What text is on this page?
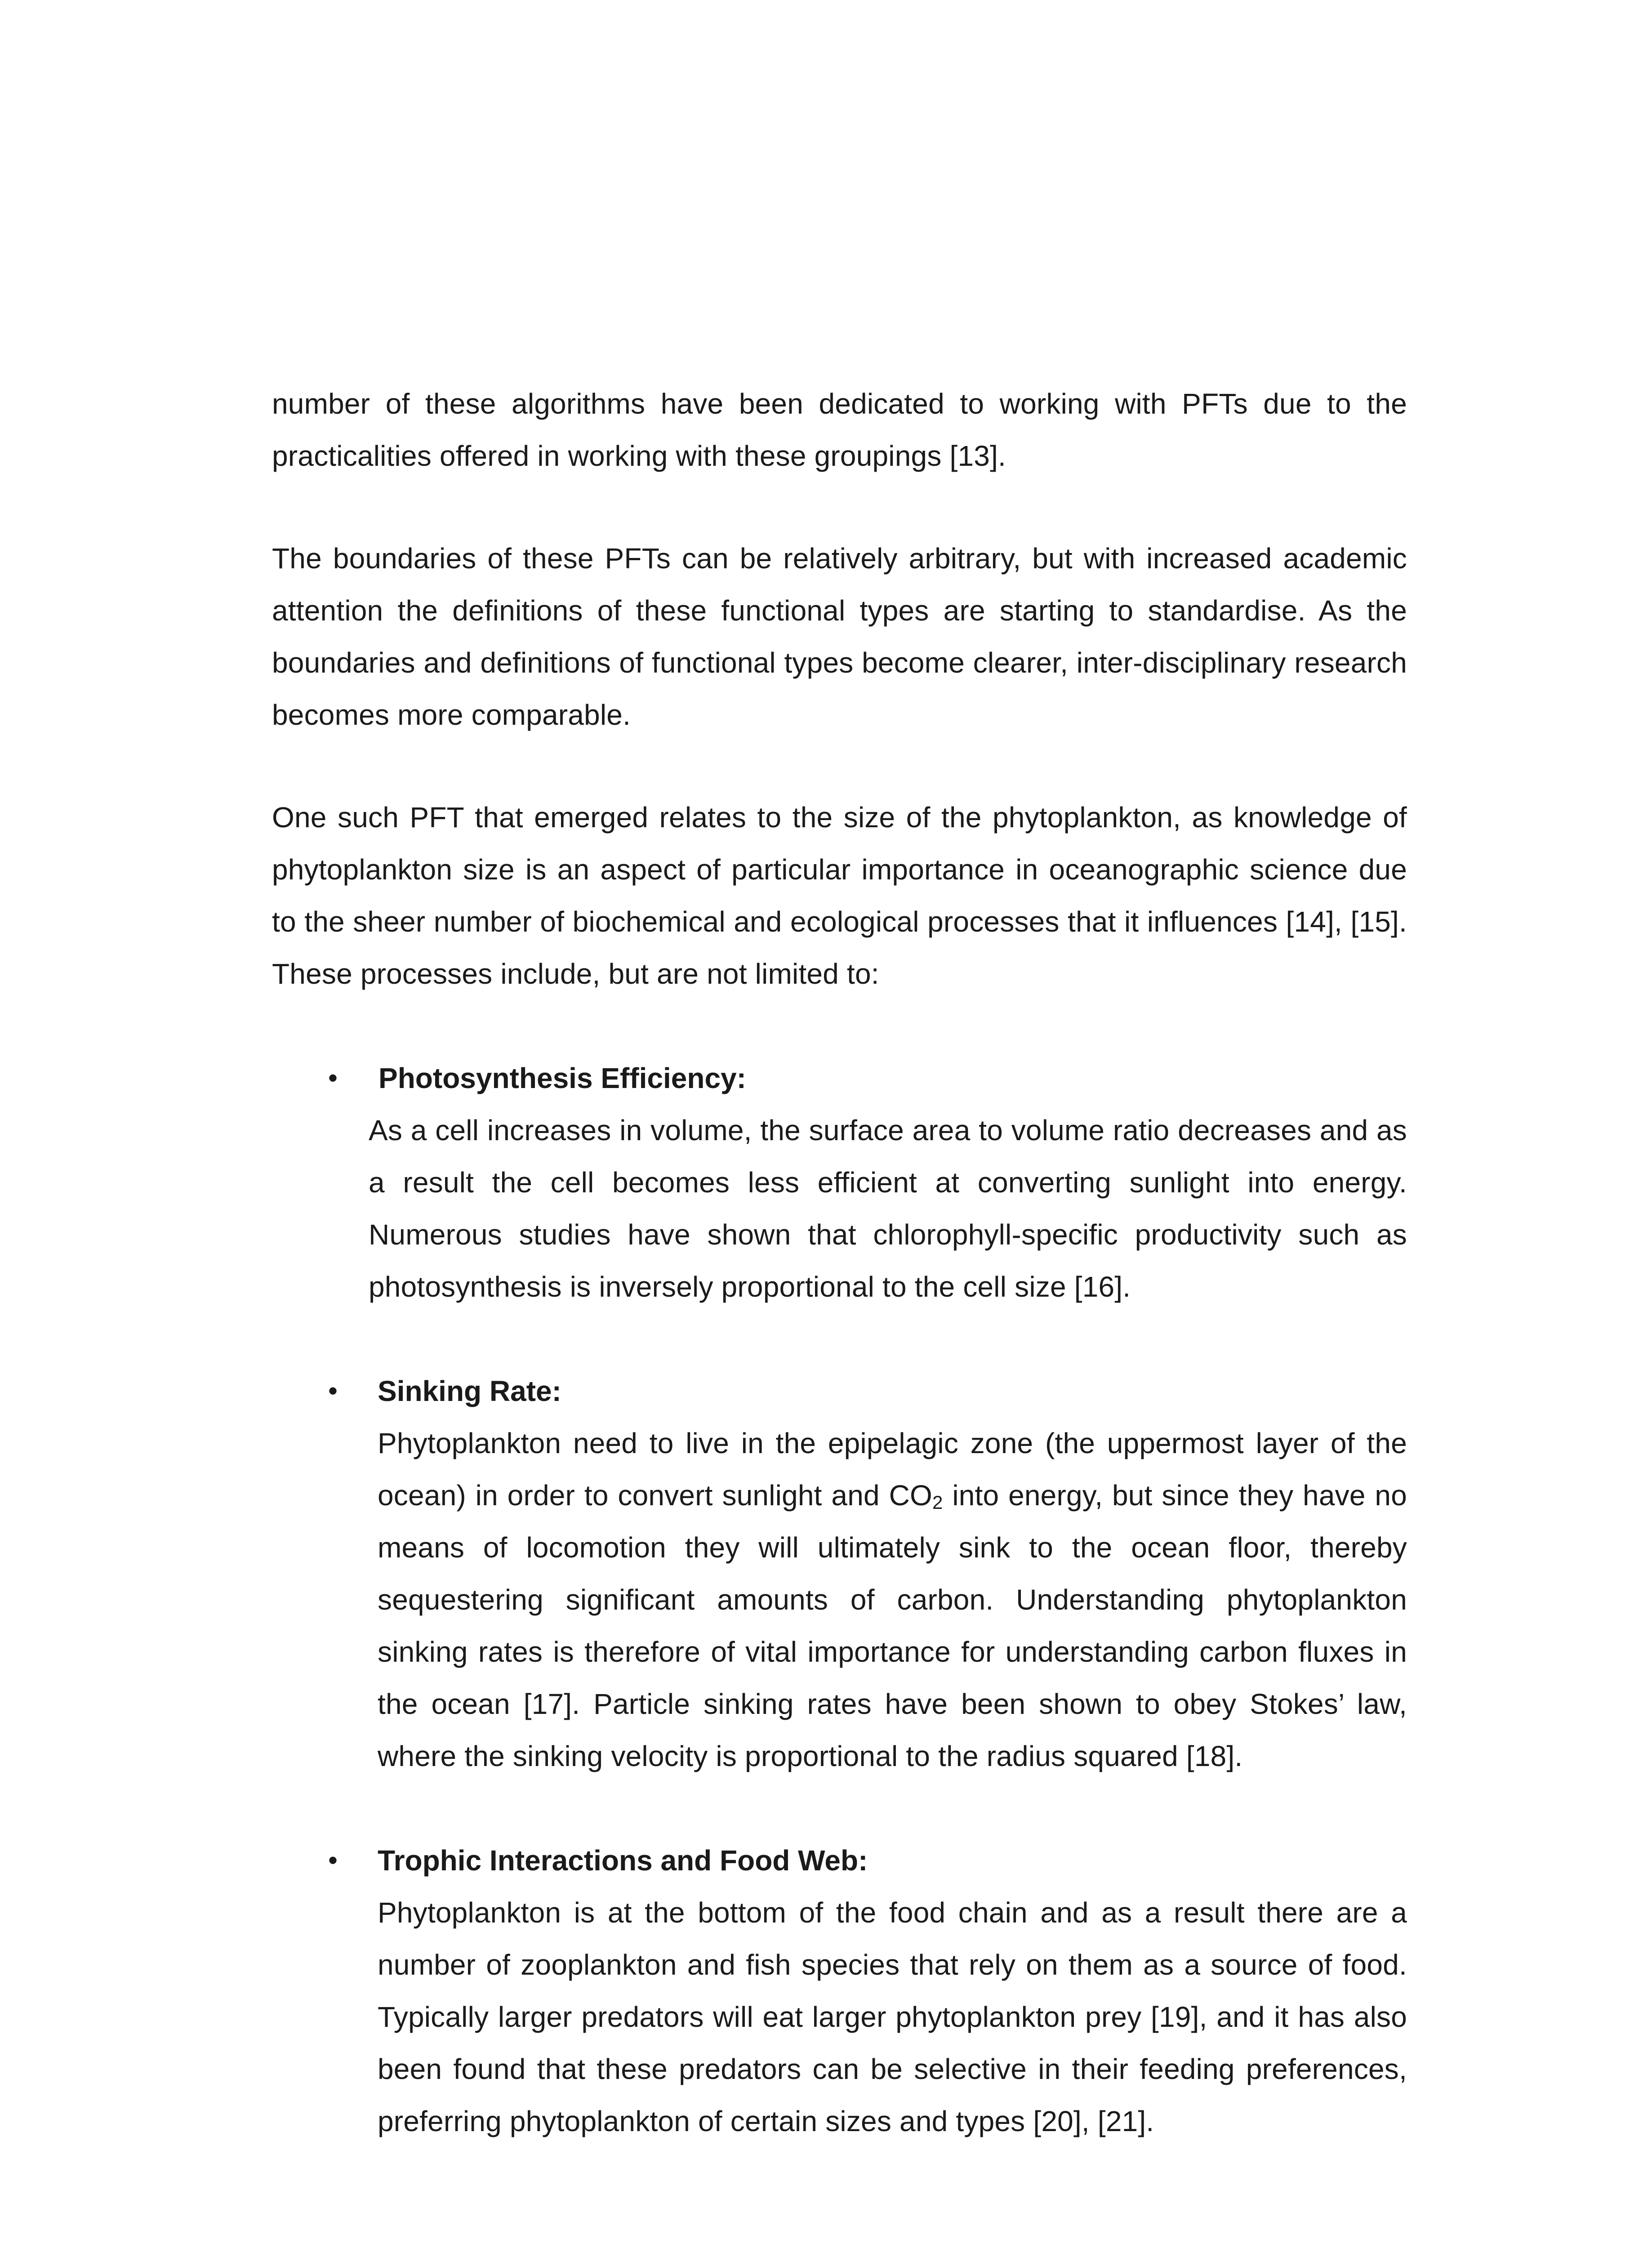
number of these algorithms have been dedicated to working with PFTs due to the practicalities offered in working with these groupings [13].

The boundaries of these PFTs can be relatively arbitrary, but with increased academic attention the definitions of these functional types are starting to standardise. As the boundaries and definitions of functional types become clearer, inter-disciplinary research becomes more comparable.

One such PFT that emerged relates to the size of the phytoplankton, as knowledge of phytoplankton size is an aspect of particular importance in oceanographic science due to the sheer number of biochemical and ecological processes that it influences [14], [15]. These processes include, but are not limited to:

•	Photosynthesis Efficiency:

As a cell increases in volume, the surface area to volume ratio decreases and as a result the cell becomes less efficient at converting sunlight into energy. Numerous studies have shown that chlorophyll-specific productivity such as photosynthesis is inversely proportional to the cell size [16].

• Sinking Rate:

Phytoplankton need to live in the epipelagic zone (the uppermost layer of the ocean) in order to convert sunlight and CO2 into energy, but since they have no means of locomotion they will ultimately sink to the ocean floor, thereby sequestering significant amounts of carbon. Understanding phytoplankton sinking rates is therefore of vital importance for understanding carbon fluxes in the ocean [17]. Particle sinking rates have been shown to obey Stokes’ law, where the sinking velocity is proportional to the radius squared [18].

• Trophic Interactions and Food Web:

Phytoplankton is at the bottom of the food chain and as a result there are a number of zooplankton and fish species that rely on them as a source of food. Typically larger predators will eat larger phytoplankton prey [19], and it has also been found that these predators can be selective in their feeding preferences, preferring phytoplankton of certain sizes and types [20], [21].
